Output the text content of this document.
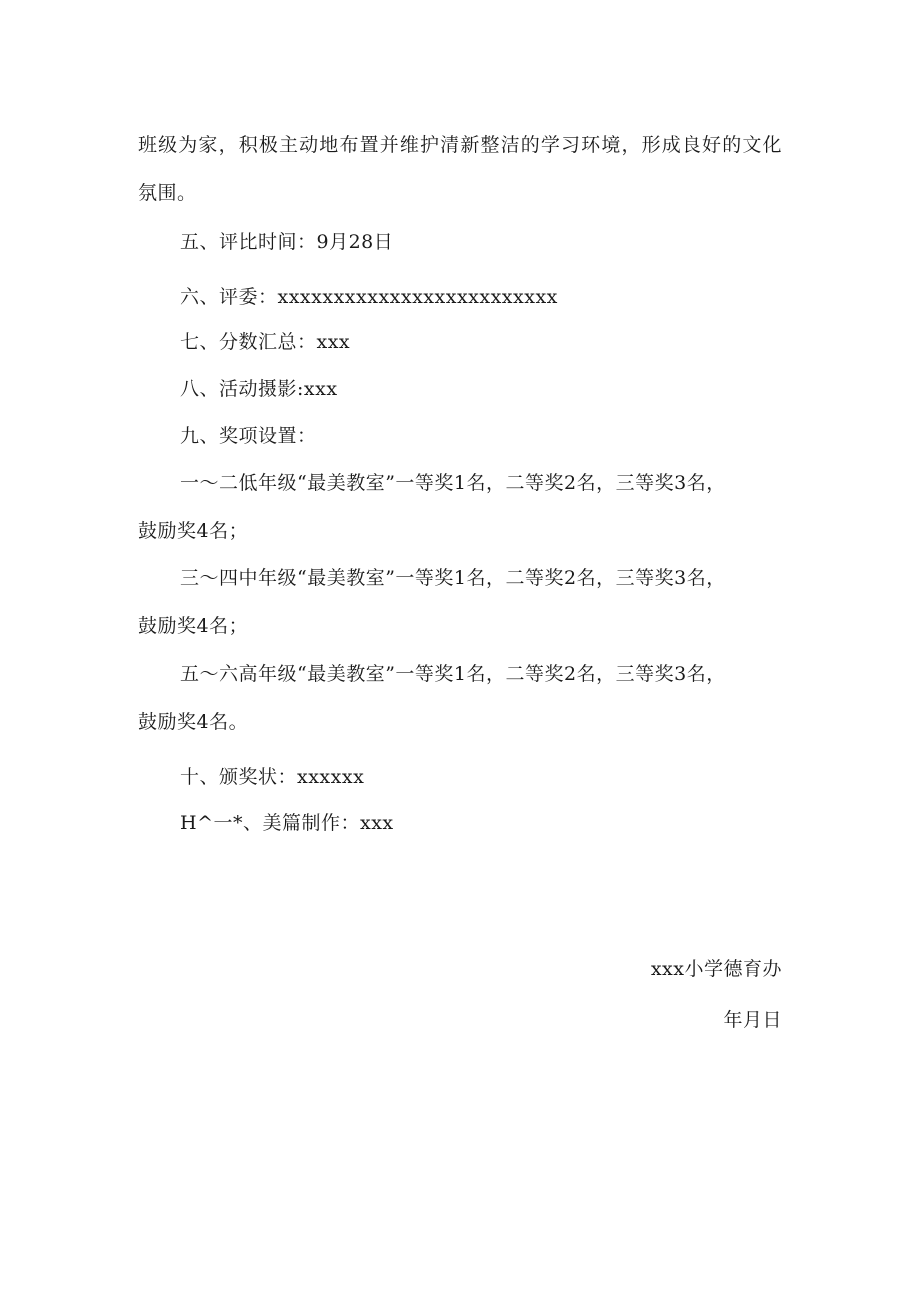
班级为家，积极主动地布置并维护清新整洁的学习环境，形成良好的文化
氛围。
五、评比时间：9月28日
六、评委：xxxxxxxxxxxxxxxxxxxxxxxxx
七、分数汇总：xxx
八、活动摄影:xxx
九、奖项设置：
一～二低年级“最美教室”一等奖1名，二等奖2名，三等奖3名，
鼓励奖4名；
三～四中年级“最美教室”一等奖1名，二等奖2名，三等奖3名，
鼓励奖4名；
五～六高年级“最美教室”一等奖1名，二等奖2名，三等奖3名，
鼓励奖4名。
十、颁奖状：xxxxxx
H^一*、美篇制作：xxx
xxx小学德育办
年月日
